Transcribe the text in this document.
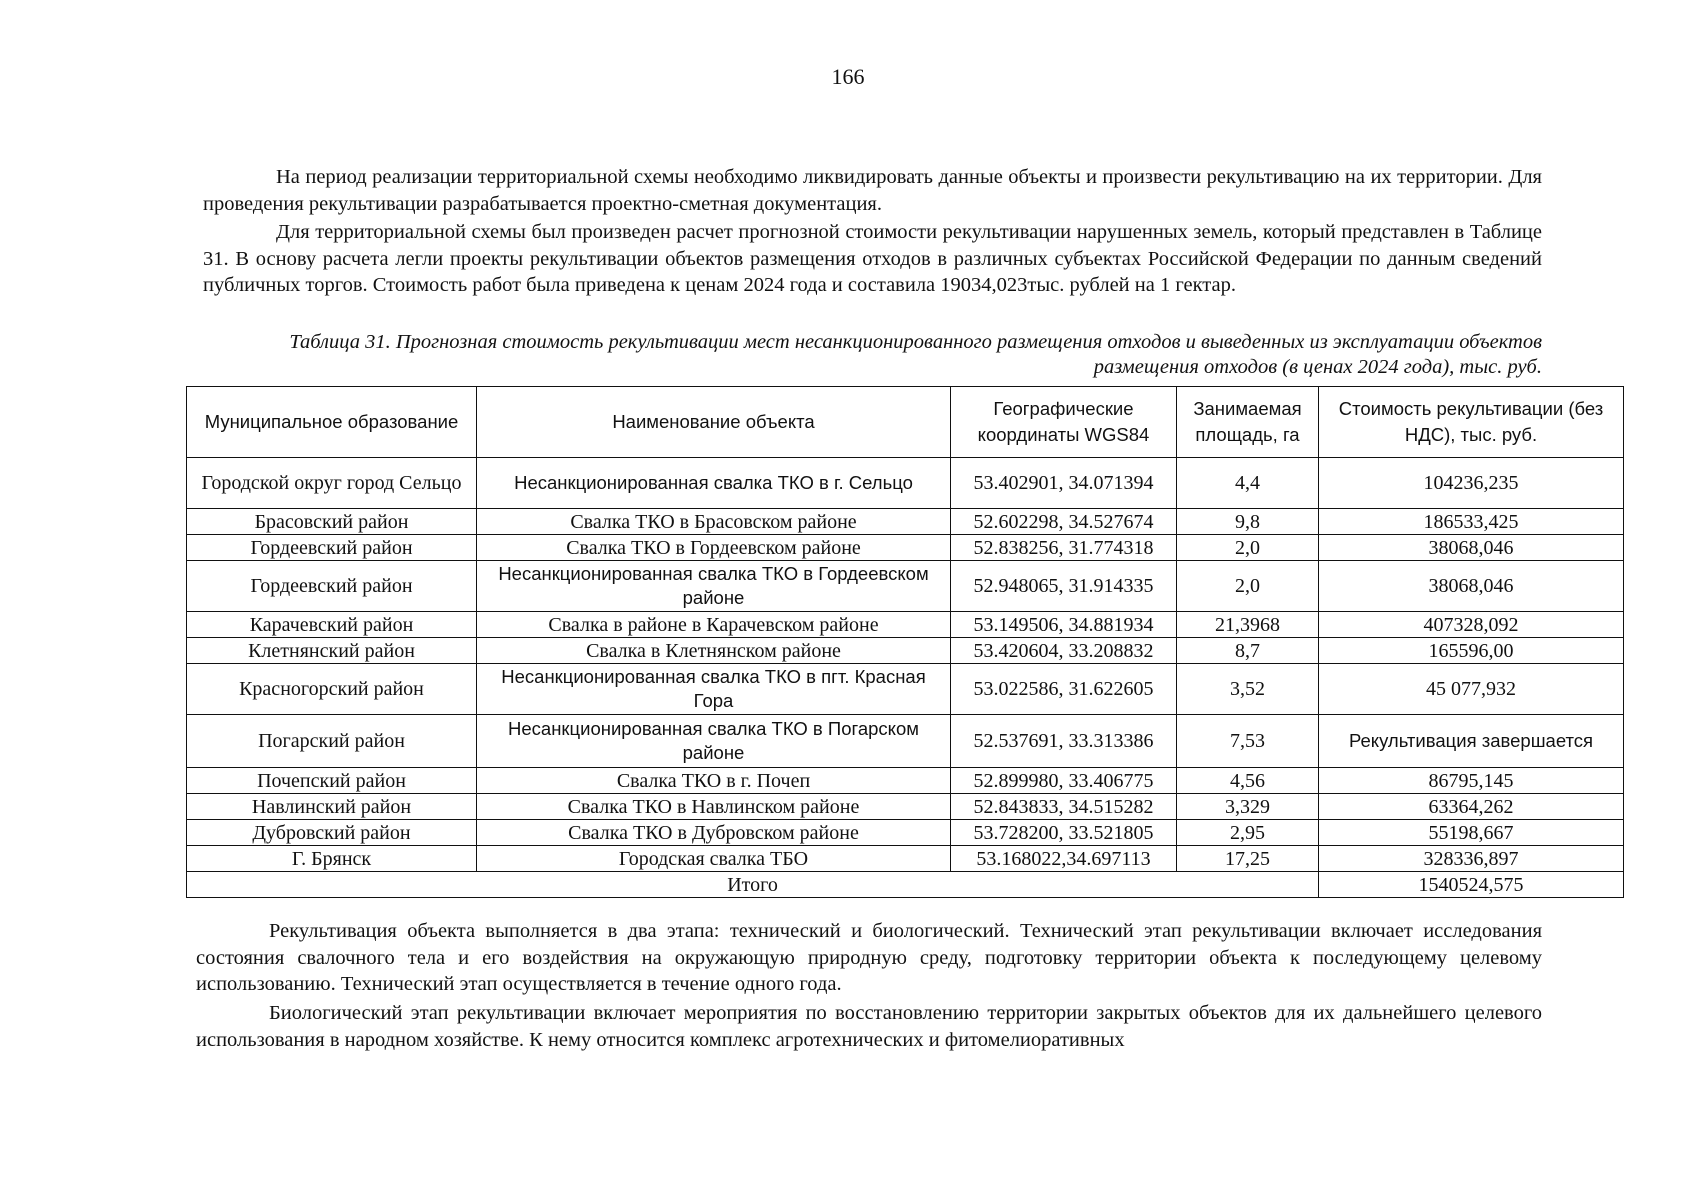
166

На период реализации территориальной схемы необходимо ликвидировать данные объекты и произвести рекультивацию на их территории. Для проведения рекультивации разрабатывается проектно-сметная документация.

Для территориальной схемы был произведен расчет прогнозной стоимости рекультивации нарушенных земель, который представлен в Таблице 31. В основу расчета легли проекты рекультивации объектов размещения отходов в различных субъектах Российской Федерации по данным сведений публичных торгов. Стоимость работ была приведена к ценам 2024 года и составила 19034,023тыс. рублей на 1 гектар.

Таблица 31. Прогнозная стоимость рекультивации мест несанкционированного размещения отходов и выведенных из эксплуатации объектов размещения отходов (в ценах 2024 года), тыс. руб.
Муниципальное образование	Наименование объекта	Географические координаты WGS84	Занимаемая площадь, га	Стоимость рекультивации (без НДС), тыс. руб.
Городской округ город Сельцо	Несанкционированная свалка ТКО в г. Сельцо	53.402901, 34.071394	4,4	104236,235
Брасовский район	Свалка ТКО в Брасовском районе	52.602298, 34.527674	9,8	186533,425
Гордеевский район	Свалка ТКО в Гордеевском районе	52.838256, 31.774318	2,0	38068,046
Гордеевский район	Несанкционированная свалка ТКО в Гордеевском районе	52.948065, 31.914335	2,0	38068,046
Карачевский район	Свалка в районе в Карачевском районе	53.149506, 34.881934	21,3968	407328,092
Клетнянский район	Свалка в Клетнянском районе	53.420604, 33.208832	8,7	165596,00
Красногорский район	Несанкционированная свалка ТКО в пгт. Красная Гора	53.022586, 31.622605	3,52	45 077,932
Погарский район	Несанкционированная свалка ТКО в Погарском районе	52.537691, 33.313386	7,53	Рекультивация завершается
Почепский район	Свалка ТКО в г. Почеп	52.899980, 33.406775	4,56	86795,145
Навлинский район	Свалка ТКО в Навлинском районе	52.843833, 34.515282	3,329	63364,262
Дубровский район	Свалка ТКО в Дубровском районе	53.728200, 33.521805	2,95	55198,667
Г. Брянск	Городская свалка ТБО	53.168022,34.697113	17,25	328336,897
Итого				1540524,575

Рекультивация объекта выполняется в два этапа: технический и биологический. Технический этап рекультивации включает исследования состояния свалочного тела и его воздействия на окружающую природную среду, подготовку территории объекта к последующему целевому использованию. Технический этап осуществляется в течение одного года.

Биологический этап рекультивации включает мероприятия по восстановлению территории закрытых объектов для их дальнейшего целевого использования в народном хозяйстве. К нему относится комплекс агротехнических и фитомелиоративных
